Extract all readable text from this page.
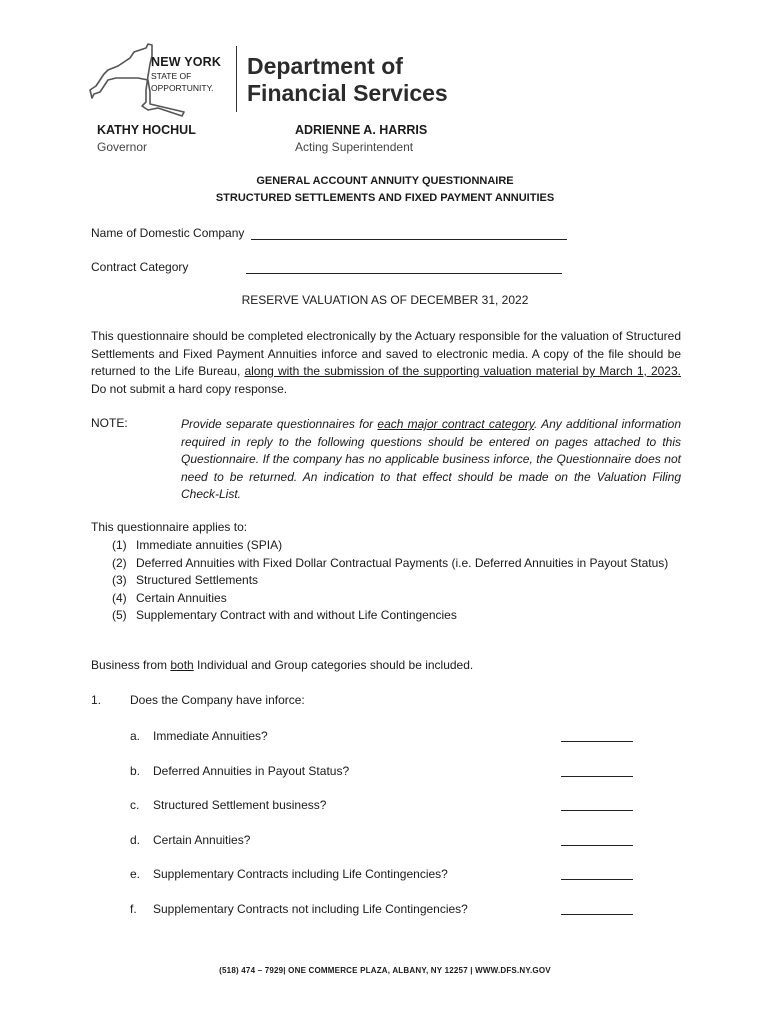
NEW YORK
STATE OF
OPPORTUNITY.
Department of
Financial Services
KATHY HOCHUL
Governor
ADRIENNE A. HARRIS
Acting Superintendent
GENERAL ACCOUNT ANNUITY QUESTIONNAIRE
STRUCTURED SETTLEMENTS AND FIXED PAYMENT ANNUITIES
Name of Domestic Company
Contract Category
RESERVE VALUATION AS OF DECEMBER 31, 2022
This questionnaire should be completed electronically by the Actuary responsible for the valuation of Structured Settlements and Fixed Payment Annuities inforce and saved to electronic media. A copy of the file should be returned to the Life Bureau, along with the submission of the supporting valuation material by March 1, 2023. Do not submit a hard copy response.
NOTE:	Provide separate questionnaires for each major contract category. Any additional information required in reply to the following questions should be entered on pages attached to this Questionnaire. If the company has no applicable business inforce, the Questionnaire does not need to be returned. An indication to that effect should be made on the Valuation Filing Check-List.
This questionnaire applies to:
(1) Immediate annuities (SPIA)
(2) Deferred Annuities with Fixed Dollar Contractual Payments (i.e. Deferred Annuities in Payout Status)
(3) Structured Settlements
(4) Certain Annuities
(5) Supplementary Contract with and without Life Contingencies
Business from both Individual and Group categories should be included.
1. Does the Company have inforce:
a. Immediate Annuities?
b. Deferred Annuities in Payout Status?
c. Structured Settlement business?
d. Certain Annuities?
e. Supplementary Contracts including Life Contingencies?
f. Supplementary Contracts not including Life Contingencies?
(518) 474 – 7929| ONE COMMERCE PLAZA, ALBANY, NY 12257 | WWW.DFS.NY.GOV
